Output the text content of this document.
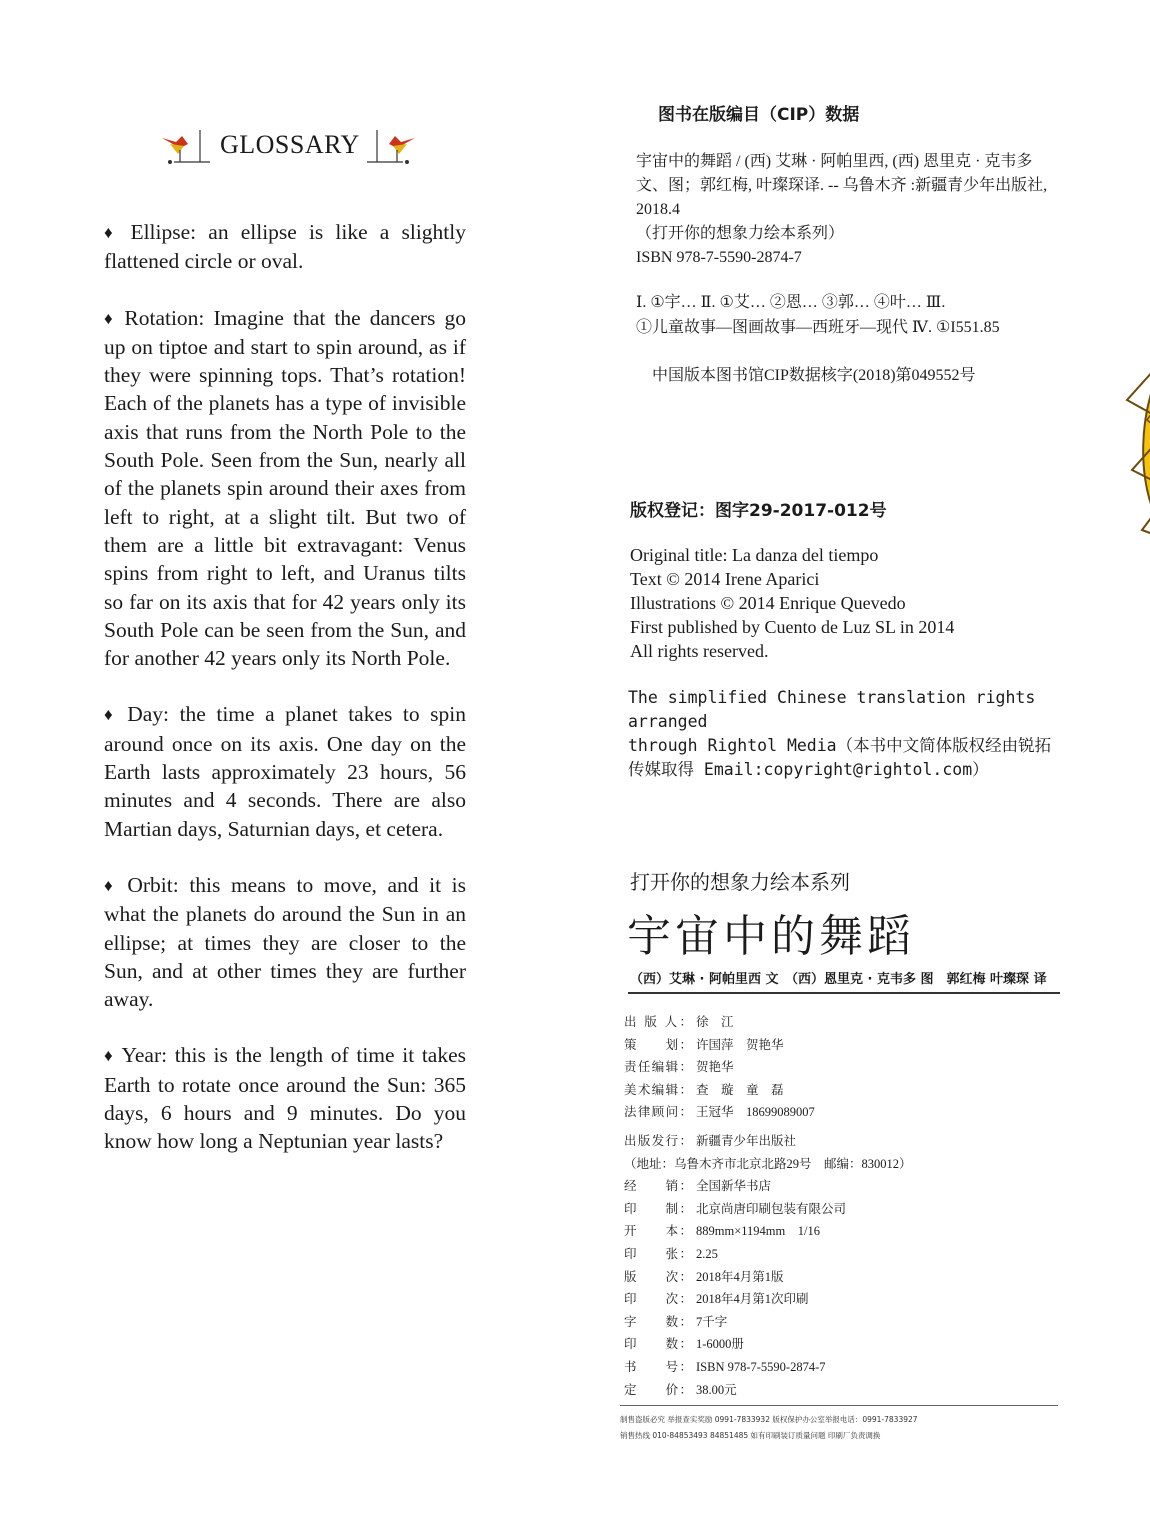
GLOSSARY

♦ Ellipse: an ellipse is like a slightly flattened circle or oval.

♦ Rotation: Imagine that the dancers go up on tiptoe and start to spin around, as if they were spinning tops. That’s rotation! Each of the planets has a type of invisible axis that runs from the North Pole to the South Pole. Seen from the Sun, nearly all of the planets spin around their axes from left to right, at a slight tilt. But two of them are a little bit extravagant: Venus spins from right to left, and Uranus tilts so far on its axis that for 42 years only its South Pole can be seen from the Sun, and for another 42 years only its North Pole.

♦ Day: the time a planet takes to spin around once on its axis. One day on the Earth lasts approximately 23 hours, 56 minutes and 4 seconds. There are also Martian days, Saturnian days, et cetera.

♦ Orbit: this means to move, and it is what the planets do around the Sun in an ellipse; at times they are closer to the Sun, and at other times they are further away.

♦ Year: this is the length of time it takes Earth to rotate once around the Sun: 365 days, 6 hours and 9 minutes. Do you know how long a Neptunian year lasts?

图书在版编目（CIP）数据

宇宙中的舞蹈 / (西) 艾琳 · 阿帕里西, (西) 恩里克 · 克韦多

文、图；郭红梅, 叶璨琛译. -- 乌鲁木齐 :新疆青少年出版社,

2018.4

（打开你的想象力绘本系列）

ISBN 978-7-5590-2874-7

Ⅰ. ①宇… Ⅱ. ①艾… ②恩… ③郭… ④叶… Ⅲ.

①儿童故事—图画故事—西班牙—现代 Ⅳ. ①I551.85

中国版本图书馆CIP数据核字(2018)第049552号
版权登记：图字29-2017-012号
Original title: La danza del tiempo
Text © 2014 Irene Aparici
Illustrations © 2014 Enrique Quevedo
First published by Cuento de Luz SL in 2014
All rights reserved.
The simplified Chinese translation rights arranged
through Rightol Media（本书中文简体版权经由锐拓
传媒取得 Email:copyright@rightol.com）
打开你的想象力绘本系列
宇宙中的舞蹈
（西）艾琳 · 阿帕里西 文　（西）恩里克 · 克韦多 图　郭红梅 叶璨琛 译
出 版 人： 徐　江
策　　划： 许国萍　贺艳华
责任编辑： 贺艳华
美术编辑： 查　璇　童　磊
法律顾问： 王冠华　18699089007
出版发行： 新疆青少年出版社
（地址：乌鲁木齐市北京北路29号　邮编：830012）
经　　销： 全国新华书店
印　　制： 北京尚唐印刷包装有限公司
开　　本： 889mm×1194mm　1/16
印　　张： 2.25
版　　次： 2018年4月第1版
印　　次： 2018年4月第1次印刷
字　　数： 7千字
印　　数： 1-6000册
书　　号： ISBN 978-7-5590-2874-7
定　　价： 38.00元
制售盗版必究 举报查实奖励 0991-7833932 版权保护办公室举报电话：0991-7833927
销售热线 010-84853493 84851485 如有印刷装订质量问题 印刷厂负责调换
